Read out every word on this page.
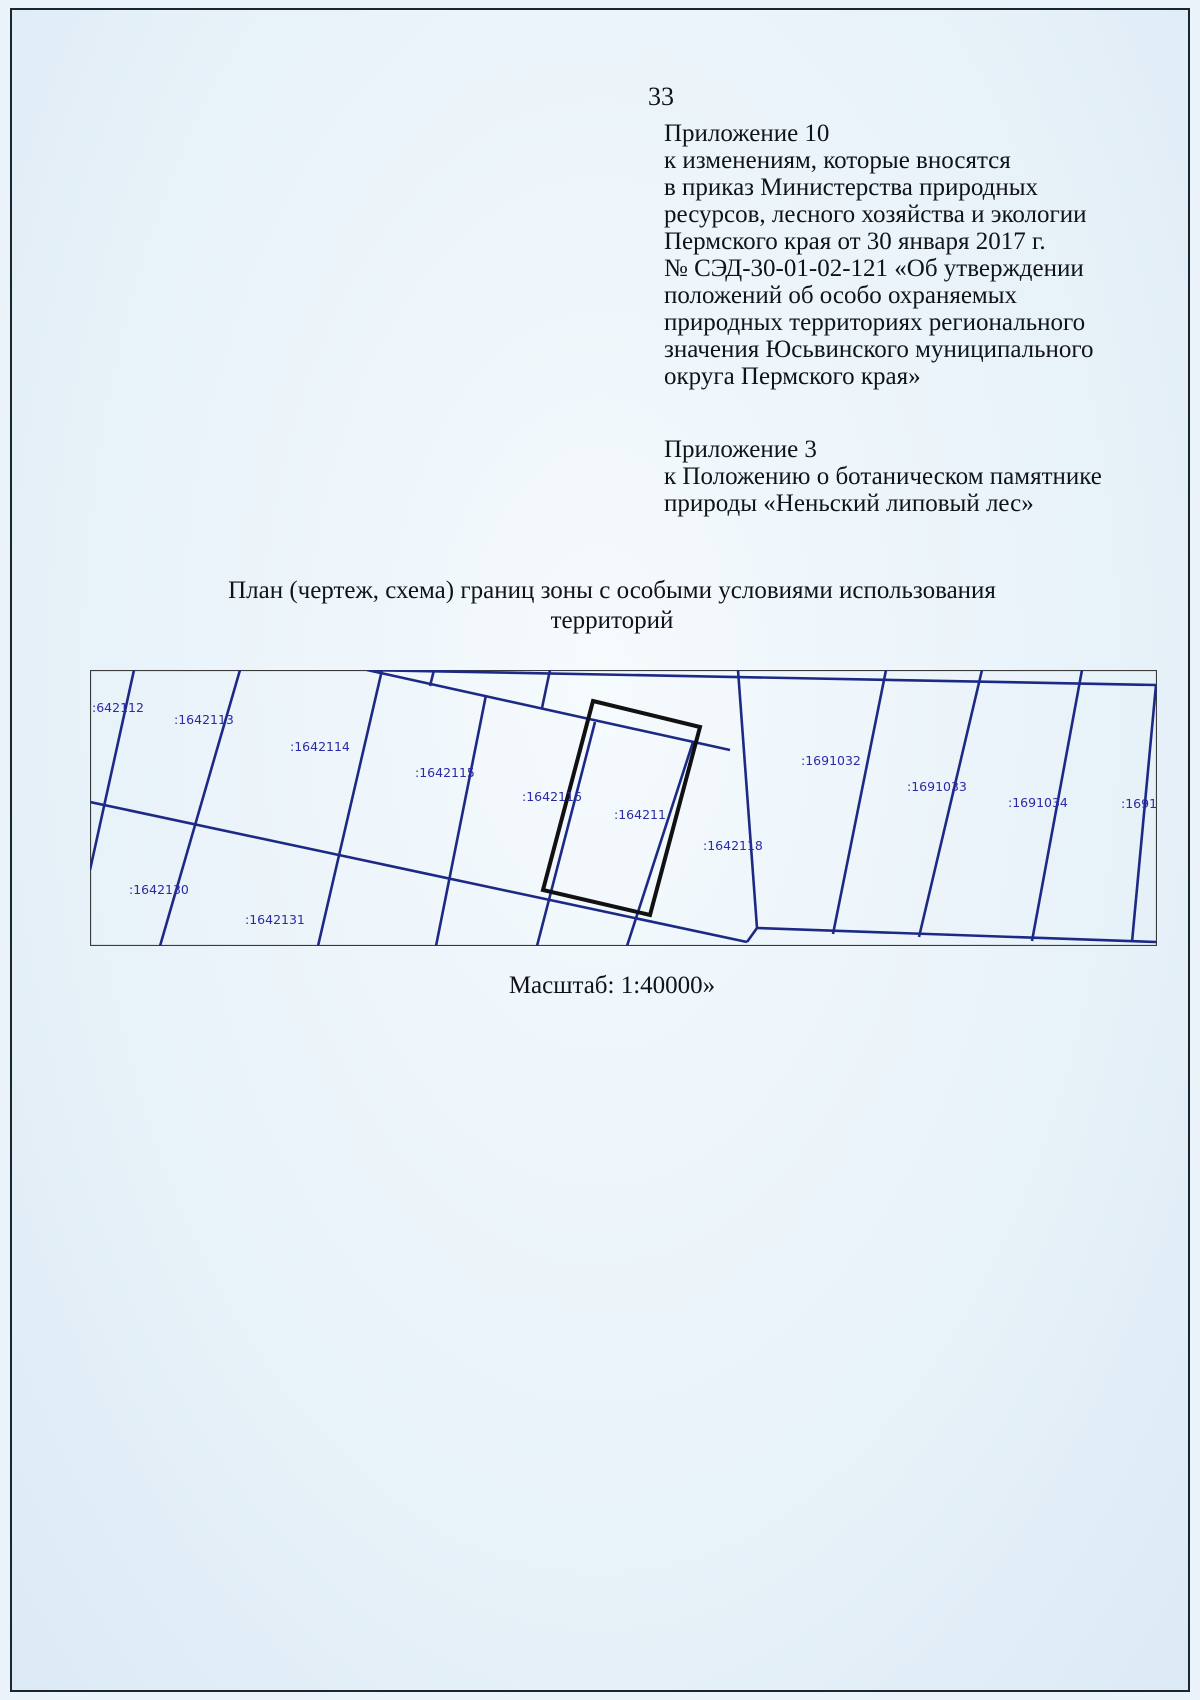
33
Приложение 10
к изменениям, которые вносятся
в приказ Министерства природных
ресурсов, лесного хозяйства и экологии
Пермского края от 30 января 2017 г.
№ СЭД-30-01-02-121 «Об утверждении
положений об особо охраняемых
природных территориях регионального
значения Юсьвинского муниципального
округа Пермского края»
Приложение 3
к Положению о ботаническом памятнике
природы «Неньский липовый лес»
План (чертеж, схема) границ зоны с особыми условиями использования территорий
:642112
:1642113
:1642114
:1642115
:1642116
:164211
:1642118
:1691032
:1691033
:1691034	:1691
:1642130
:1642131
Масштаб: 1:40000»
